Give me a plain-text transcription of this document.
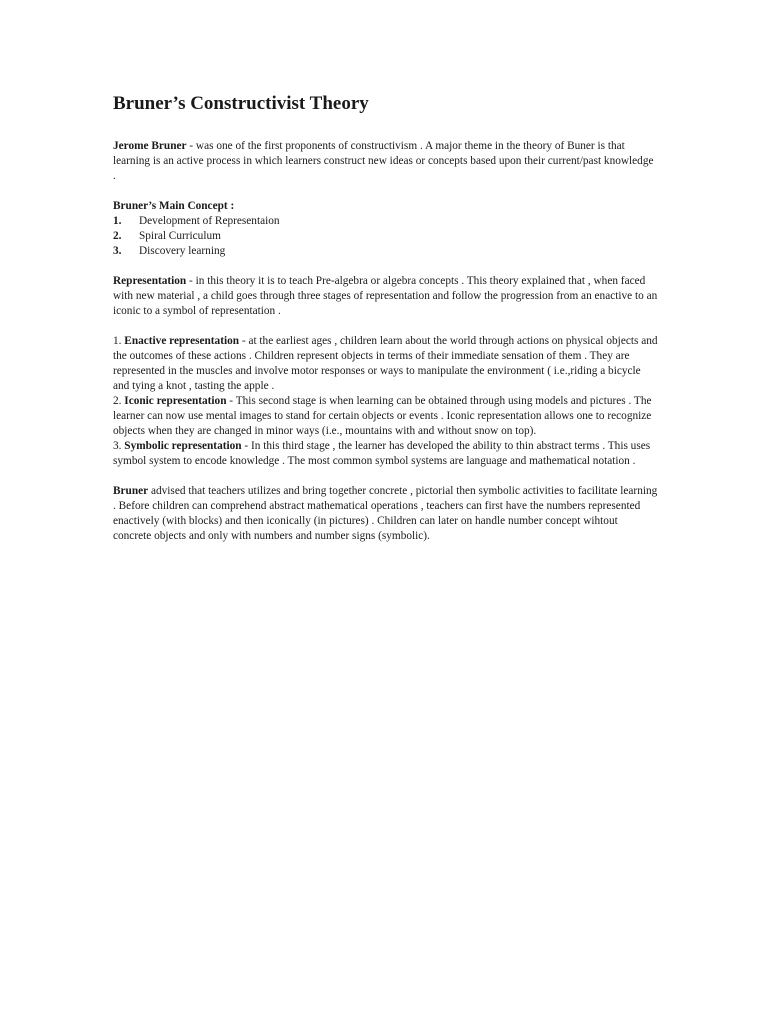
Bruner’s Constructivist Theory

Jerome Bruner - was one of the first proponents of constructivism . A major theme in the theory of Buner is that learning is an active process in which learners construct new ideas or concepts based upon their current/past knowledge .

Bruner’s Main Concept :

1.	Development of Representaion
2.	Spiral Curriculum
3.	Discovery learning

Representation - in this theory it is to teach Pre-algebra or algebra concepts . This theory explained that , when faced with new material , a child goes through three stages of representation and follow the progression from an enactive to an iconic to a symbol of representation .

1. Enactive representation - at the earliest ages , children learn about the world through actions on physical objects and the outcomes of these actions . Children represent objects in terms of their immediate sensation of them . They are represented in the muscles and involve motor responses or ways to manipulate the environment ( i.e.,riding a bicycle and tying a knot , tasting the apple .

2. Iconic representation - This second stage is when learning can be obtained through using models and pictures . The learner can now use mental images to stand for certain objects or events . Iconic representation allows one to recognize objects when they are changed in minor ways (i.e., mountains with and without snow on top).

3. Symbolic representation - In this third stage , the learner has developed the ability to thin abstract terms . This uses symbol system to encode knowledge . The most common symbol systems are language and mathematical notation .

Bruner advised that teachers utilizes and bring together concrete , pictorial then symbolic activities to facilitate learning . Before children can comprehend abstract mathematical operations , teachers can first have the numbers represented enactively (with blocks) and then iconically (in pictures) . Children can later on handle number concept wihtout concrete objects and only with numbers and number signs (symbolic).
